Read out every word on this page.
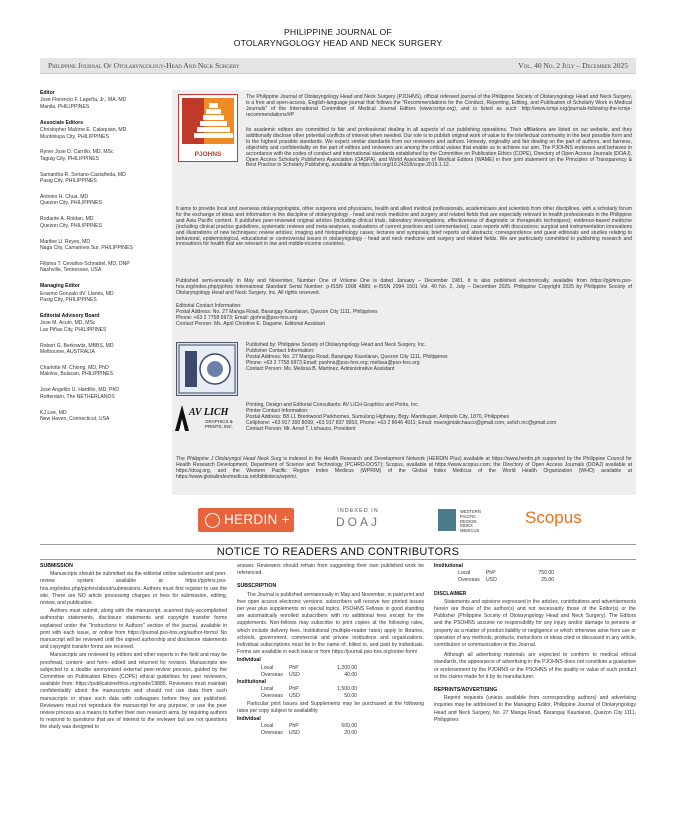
PHILIPPINE JOURNAL OF
OTOLARYNGOLOGY HEAD AND NECK SURGERY
Philippine Journal Of Otolaryngology-Head And Neck Surgery	Vol. 40 No. 2 July – December 2025
Editor
José Florencio F. Lapeña, Jr., MA, MD
Manila, PHILIPPINES
Associate Editors
Christopher Malorre E. Calaquian, MD
Muntinlupa City, PHILIPPINES
Ryner Jose D. Carrillo, MD, MSc
Taguig City, PHILIPPINES
Samantha R. Soriano-Castañeda, MD
Pasig City, PHILIPPINES
Antonio H. Chua, MD
Quezon City, PHILIPPINES
Rodante A. Roldan, MD
Quezon City, PHILIPPINES
Marifee U. Reyes, MD
Naga City, Camarines Sur, PHILIPPINES
Filipina T. Cevallos-Schnabel, MD, DNP
Nashville, Tennessee, USA
Managing Editor
Erasmo Gonzalo dV. Llanes, MD
Pasig City, PHILIPPINES
Editorial Advisory Board
Jose M. Acuin, MD, MSc
Las Piñas City, PHILIPPINES
Robert G. Berkowitz, MBBS, MD
Melbourne, AUSTRALIA
Charlotte M. Chiong, MD, PhD
Malolos, Bulacan, PHILIPPINES
Jose Angelito U. Hardillo, MD, PhD
Rotterdam, The NETHERLANDS
KJ Lee, MD
New Haven, Connecticut, USA
PJOHNS
The Philippine Journal of Otolaryngology Head and Neck Surgery (PJOHNS), official refereed journal of the Philippine Society of Otolaryngology Head and Neck Surgery, is a free and open-access, English-language journal that follows the "Recommendations for the Conduct, Reporting, Editing, and Publication of Scholarly Work in Medical Journals" of the International Committee of Medical Journal Editors (www.icmje.org), and is listed as such: http://www.icmje.org/journals-following-the-icmje-recommendations/#P
Its academic editors are committed to fair and professional dealing in all aspects of our publishing operations. Their affiliations are listed on our website, and they additionally disclose other potential conflicts of interest when needed. Our role is to publish original work of value to the intellectual community in the best possible form and to the highest possible standards. We expect similar standards from our reviewers and authors. Honesty, originality and fair dealing on the part of authors, and fairness, objectivity and confidentiality on the part of editors and reviewers are among the critical values that enable us to achieve our aim. The PJOHNS endorses and behaves in accordance with the codes of conduct and international standards established by the Committee on Publication Ethics (COPE), Directory of Open Access Journals (DOAJ), Open Access Scholarly Publishers Association (OASPA), and World Association of Medical Editors (WAME) in their joint statement on the Principles of Transparency & Best Practice in Scholarly Publishing, available at https://doi.org/10.24318/cope.2019.1.12.
It aims to provide local and overseas otolaryngologists, other surgeons and physicians, health and allied medical professionals, academicians and scientists from other disciplines, with a scholarly forum for the exchange of ideas and information in the discipline of otolaryngology - head and neck medicine and surgery and related fields that are especially relevant to health professionals in the Philippine and Asia Pacific context. It publishes peer-reviewed original articles (including clinical trials, laboratory investigations, effectiveness of diagnostic or therapeutic techniques); evidence-based medicine (including clinical practice guidelines, systematic reviews and meta-analyses, evaluations of current practices and commentaries); case reports with discussions; surgical and instrumentation innovations and illustrations of new techniques; review articles; imaging and histopathology cases; lectures and symposia; brief reports and abstracts; correspondence and guest editorials and studies relating to behavioral, epidemiological, educational or controversial issues in otolaryngology - head and neck medicine and surgery and related fields. We are particularly committed to publishing research and innovations for health that are relevant in low and middle-income countries.
Published semi-annually in May and November, Number One of Volume One is dated January – December 1981. It is also published electronically, available from https://pjohns.pso-hns.org/index.php/pjohns International Standard Serial Number: p-ISSN 1908 4889; e-ISSN 2094 1501 Vol. 40 No. 2, July – December 2025. Philippine Copyright 2025 by Philippine Society of Otolaryngology Head and Neck Surgery, Inc. All rights reserved.
Editorial Contact Information:
Postal Address: No. 27 Manga Road, Barangay Kaunlaran, Quezon City 1111, Philippines
Phone: +63 2 7758 6973; Email: pjohns@pso-hns.org
Contact Person: Ms. April Christine E. Dagame, Editorial Assistant
Published by: Philippine Society of Otolaryngology Head and Neck Surgery, Inc.
Publisher Contact Information:
Postal Address: No. 27 Manga Road, Barangay Kaunlaran, Quezon City 1111, Philippines
Phone: +63 2 7758 6973 Email: psohns@pso-hns.org; melissa@pso-hns.org
Contact Person: Ms. Melissa B. Martinez, Administrative Assistant
AV LICH
GRAPHICS & PRINTS, INC.
Printing, Design and Editorial Consultants: AV LICH Graphics and Prints, Inc.
Printer Contact Information:
Postal Address: B8 L1 Brentwood Parkhomes, Sumulong Highway, Brgy. Mambugan, Antipolo City, 1870, Philippines
Cellphone: +63 917 300 8099; +63 917 837 9953, Phone: +63 2 8646 4911; Email: mavirginialichauco@gmail.com; avlich.inc@gmail.com
Contact Person: Mr. Arnel T. Lichauco, President
The Philippine J Otolaryngol Head Neck Surg is indexed in the Health Research and Development Network (HERDIN Plus) available at https://www.herdin.ph supported by the Philippine Council for Health Research Development, Department of Science and Technology (PCHRD-DOST); Scopus, available at https://www.scopus.com; the Directory of Open Access Journals (DOAJ) available at https://doaj.org, and the Western Pacific Region Index Medicus (WPRIM) of the Global Index Medicus of the World Health Organization (WHO) available at https://www.globalindexmedicus.net/biblioteca/wprim/.
HERDIN +
INDEXED IN
DOAJ
WESTERN
PACIFIC
REGION
INDEX
MEDICUS
Scopus
NOTICE TO READERS AND CONTRIBUTORS
SUBMISSION

Manuscripts should be submitted via the editorial online submission and peer-review system available at https://pjohns.pso-hns.org/index.php/pjohns/about/submissions. Authors must first register to use the site. There are NO article processing charges or fees for submission, editing, review, and publication.

Authors must submit, along with the manuscript, scanned duly-accomplished authorship statements, disclosure statements and copyright transfer forms explained under the "Instructions to Authors" section of the journal, available in print with each issue, or online from https://journal.pso-hns.org/author-forms/ No manuscript will be reviewed until the signed authorship and disclosure statements and copyright transfer forms are received.

Manuscripts are reviewed by editors and other experts in the field and may be proofread, content- and form- edited and returned for revision. Manuscripts are subjected to a double anonymized external peer-review process, guided by the Committee on Publication Ethics (COPE) ethical guidelines for peer reviewers, available from: https://publicationethics.org/node/19886. Reviewers must maintain confidentiality about the manuscripts and should not use data from such manuscripts or share such data with colleagues before they are published. Reviewers must not reproduce the manuscript for any purpose, or use the peer review process as a means to further their own research aims, by requiring authors to respond to questions that are of interest to the reviewer but are not questions the study was designed to

answer. Reviewers should refrain from suggesting their own published work be referenced.

SUBSCRIPTION

The Journal is published semiannually in May and November, in paid print and free open access electronic versions; subscribers will receive two printed issues per year plus supplements on special topics. PSOHNS Fellows in good standing are automatically enrolled subscribers with no additional fees except for the supplements. Non-fellows may subscribe to print copies at the following rates, which include delivery fees. Institutional (multiple-reader rates) apply to libraries, schools, government, commercial and private institutions and organizations. Individual subscriptions must be in the name of, billed to, and paid by individuals. Forms are available in each issue or from https://journal.pso-hns.org/order-form/

Individual
Local	PhP	1,200.00
Overseas	USD	40.00
Institutional
Local	PhP	1,500.00
Overseas	USD	50.00

Particular print Issues and Supplements may be purchased at the following rates per copy subject to availability:

Individual
Local	PhP	600.00
Overseas	USD	20.00
Institutional
Local	PhP	750.00
Overseas	USD	25.00
DISCLAIMER

Statements and opinions expressed in the articles, contributions and advertisements herein are those of the author(s) and not necessarily those of the Editor(s) or the Publisher (Philippine Society of Otolaryngology Head and Neck Surgery). The Editors and the PSOHNS assume no responsibility for any injury and/or damage to persons or property as a matter of product liability or negligence or which otherwise arise from use or operation of any methods, products, instructions or ideas cited or discussed in any article, contribution or communication in this Journal.

Although all advertising materials are expected to conform to medical ethical standards, the appearance of advertising in the PJOHNS does not constitute a guarantee or endorsement by the PJOHNS or the PSOHNS of the quality or value of such product or the claims made for it by its manufacturer.

REPRINTS/ADVERTISING

Reprint requests (unless available from corresponding authors) and advertising inquiries may be addressed to the Managing Editor, Philippine Journal of Otolaryngology Head and Neck Surgery, No. 27 Manga Road, Barangay Kaunlaran, Quezon City 1111, Philippines
